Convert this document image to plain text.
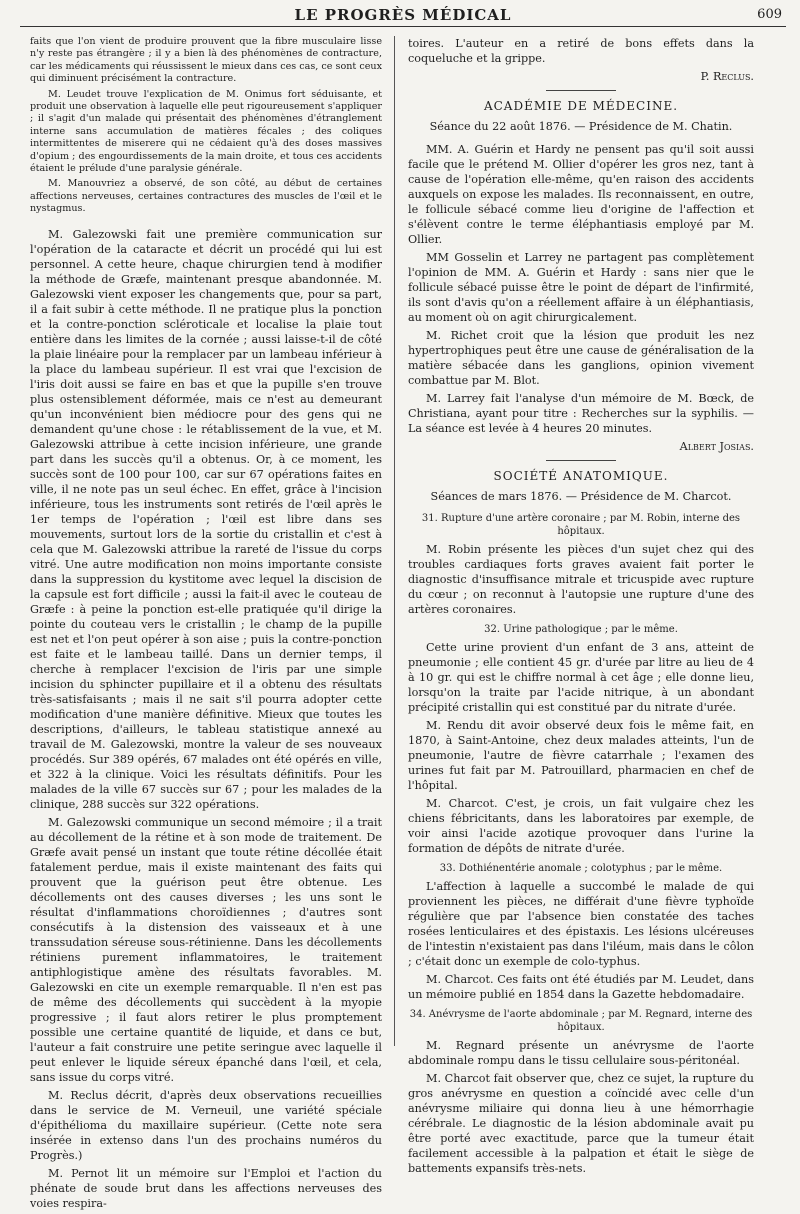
LE PROGRÈS MÉDICAL	609

faits que l'on vient de produire prouvent que la fibre musculaire lisse n'y reste pas étrangère ; il y a bien là des phénomènes de contracture, car les médicaments qui réussissent le mieux dans ces cas, ce sont ceux qui diminuent précisément la contracture.

M. Leudet trouve l'explication de M. Onimus fort séduisante, et produit une observation à laquelle elle peut rigoureusement s'appliquer ; il s'agit d'un malade qui présentait des phénomènes d'étranglement interne sans accumulation de matières fécales ; des coliques intermittentes de miserere qui ne cédaient qu'à des doses massives d'opium ; des engourdissements de la main droite, et tous ces accidents étaient le prélude d'une paralysie générale.

M. Manouvriez a observé, de son côté, au début de certaines affections nerveuses, certaines contractures des muscles de l'œil et le nystagmus.

M. Galezowski fait une première communication sur l'opération de la cataracte et décrit un procédé qui lui est personnel. A cette heure, chaque chirurgien tend à modifier la méthode de Græfe, maintenant presque abandonnée. M. Galezowski vient exposer les changements que, pour sa part, il a fait subir à cette méthode. Il ne pratique plus la ponction et la contre-ponction scléroticale et localise la plaie tout entière dans les limites de la cornée ; aussi laisse-t-il de côté la plaie linéaire pour la remplacer par un lambeau inférieur à la place du lambeau supérieur. Il est vrai que l'excision de l'iris doit aussi se faire en bas et que la pupille s'en trouve plus ostensiblement déformée, mais ce n'est au demeurant qu'un inconvénient bien médiocre pour des gens qui ne demandent qu'une chose : le rétablissement de la vue, et M. Galezowski attribue à cette incision inférieure, une grande part dans les succès qu'il a obtenus. Or, à ce moment, les succès sont de 100 pour 100, car sur 67 opérations faites en ville, il ne note pas un seul échec. En effet, grâce à l'incision inférieure, tous les instruments sont retirés de l'œil après le 1er temps de l'opération ; l'œil est libre dans ses mouvements, surtout lors de la sortie du cristallin et c'est à cela que M. Galezowski attribue la rareté de l'issue du corps vitré. Une autre modification non moins importante consiste dans la suppression du kystitome avec lequel la discision de la capsule est fort difficile ; aussi la fait-il avec le couteau de Græfe : à peine la ponction est-elle pratiquée qu'il dirige la pointe du couteau vers le cristallin ; le champ de la pupille est net et l'on peut opérer à son aise ; puis la contre-ponction est faite et le lambeau taillé. Dans un dernier temps, il cherche à remplacer l'excision de l'iris par une simple incision du sphincter pupillaire et il a obtenu des résultats très-satisfaisants ; mais il ne sait s'il pourra adopter cette modification d'une manière définitive. Mieux que toutes les descriptions, d'ailleurs, le tableau statistique annexé au travail de M. Galezowski, montre la valeur de ses nouveaux procédés. Sur 389 opérés, 67 malades ont été opérés en ville, et 322 à la clinique. Voici les résultats définitifs. Pour les malades de la ville 67 succès sur 67 ; pour les malades de la clinique, 288 succès sur 322 opérations.

M. Galezowski communique un second mémoire ; il a trait au décollement de la rétine et à son mode de traitement. De Græfe avait pensé un instant que toute rétine décollée était fatalement perdue, mais il existe maintenant des faits qui prouvent que la guérison peut être obtenue. Les décollements ont des causes diverses ; les uns sont le résultat d'inflammations choroïdiennes ; d'autres sont consécutifs à la distension des vaisseaux et à une transsudation séreuse sous-rétinienne. Dans les décollements rétiniens purement inflammatoires, le traitement antiphlogistique amène des résultats favorables. M. Galezowski en cite un exemple remarquable. Il n'en est pas de même des décollements qui succèdent à la myopie progressive ; il faut alors retirer le plus promptement possible une certaine quantité de liquide, et dans ce but, l'auteur a fait construire une petite seringue avec laquelle il peut enlever le liquide séreux épanché dans l'œil, et cela, sans issue du corps vitré.

M. Reclus décrit, d'après deux observations recueillies dans le service de M. Verneuil, une variété spéciale d'épithélioma du maxillaire supérieur. (Cette note sera insérée in extenso dans l'un des prochains numéros du Progrès.)

M. Pernot lit un mémoire sur l'Emploi et l'action du phénate de soude brut dans les affections nerveuses des voies respira-

toires. L'auteur en a retiré de bons effets dans la coqueluche et la grippe.

P. Reclus.

ACADÉMIE DE MÉDECINE.
Séance du 22 août 1876. — Présidence de M. Chatin.

MM. A. Guérin et Hardy ne pensent pas qu'il soit aussi facile que le prétend M. Ollier d'opérer les gros nez, tant à cause de l'opération elle-même, qu'en raison des accidents auxquels on expose les malades. Ils reconnaissent, en outre, le follicule sébacé comme lieu d'origine de l'affection et s'élèvent contre le terme éléphantiasis employé par M. Ollier.

MM Gosselin et Larrey ne partagent pas complètement l'opinion de MM. A. Guérin et Hardy : sans nier que le follicule sébacé puisse être le point de départ de l'infirmité, ils sont d'avis qu'on a réellement affaire à un éléphantiasis, au moment où on agit chirurgicalement.

M. Richet croit que la lésion que produit les nez hypertrophiques peut être une cause de généralisation de la matière sébacée dans les ganglions, opinion vivement combattue par M. Blot.

M. Larrey fait l'analyse d'un mémoire de M. Bœck, de Christiana, ayant pour titre : Recherches sur la syphilis. — La séance est levée à 4 heures 20 minutes.

Albert Josias.

SOCIÉTÉ ANATOMIQUE.
Séances de mars 1876. — Présidence de M. Charcot.
31. Rupture d'une artère coronaire ; par M. Robin, interne des hôpitaux.

M. Robin présente les pièces d'un sujet chez qui des troubles cardiaques forts graves avaient fait porter le diagnostic d'insuffisance mitrale et tricuspide avec rupture du cœur ; on reconnut à l'autopsie une rupture d'une des artères coronaires.

32. Urine pathologique ; par le même.

Cette urine provient d'un enfant de 3 ans, atteint de pneumonie ; elle contient 45 gr. d'urée par litre au lieu de 4 à 10 gr. qui est le chiffre normal à cet âge ; elle donne lieu, lorsqu'on la traite par l'acide nitrique, à un abondant précipité cristallin qui est constitué par du nitrate d'urée.

M. Rendu dit avoir observé deux fois le même fait, en 1870, à Saint-Antoine, chez deux malades atteints, l'un de pneumonie, l'autre de fièvre catarrhale ; l'examen des urines fut fait par M. Patrouillard, pharmacien en chef de l'hôpital.

M. Charcot. C'est, je crois, un fait vulgaire chez les chiens fébricitants, dans les laboratoires par exemple, de voir ainsi l'acide azotique provoquer dans l'urine la formation de dépôts de nitrate d'urée.

33. Dothiénentérie anomale ; colotyphus ; par le même.

L'affection à laquelle a succombé le malade de qui proviennent les pièces, ne différait d'une fièvre typhoïde régulière que par l'absence bien constatée des taches rosées lenticulaires et des épistaxis. Les lésions ulcéreuses de l'intestin n'existaient pas dans l'iléum, mais dans le côlon ; c'était donc un exemple de colo-typhus.

M. Charcot. Ces faits ont été étudiés par M. Leudet, dans un mémoire publié en 1854 dans la Gazette hebdomadaire.

34. Anévrysme de l'aorte abdominale ; par M. Regnard, interne des hôpitaux.

M. Regnard présente un anévrysme de l'aorte abdominale rompu dans le tissu cellulaire sous-péritonéal.

M. Charcot fait observer que, chez ce sujet, la rupture du gros anévrysme en question a coïncidé avec celle d'un anévrysme miliaire qui donna lieu à une hémorrhagie cérébrale. Le diagnostic de la lésion abdominale avait pu être porté avec exactitude, parce que la tumeur était facilement accessible à la palpation et était le siège de battements expansifs très-nets.
